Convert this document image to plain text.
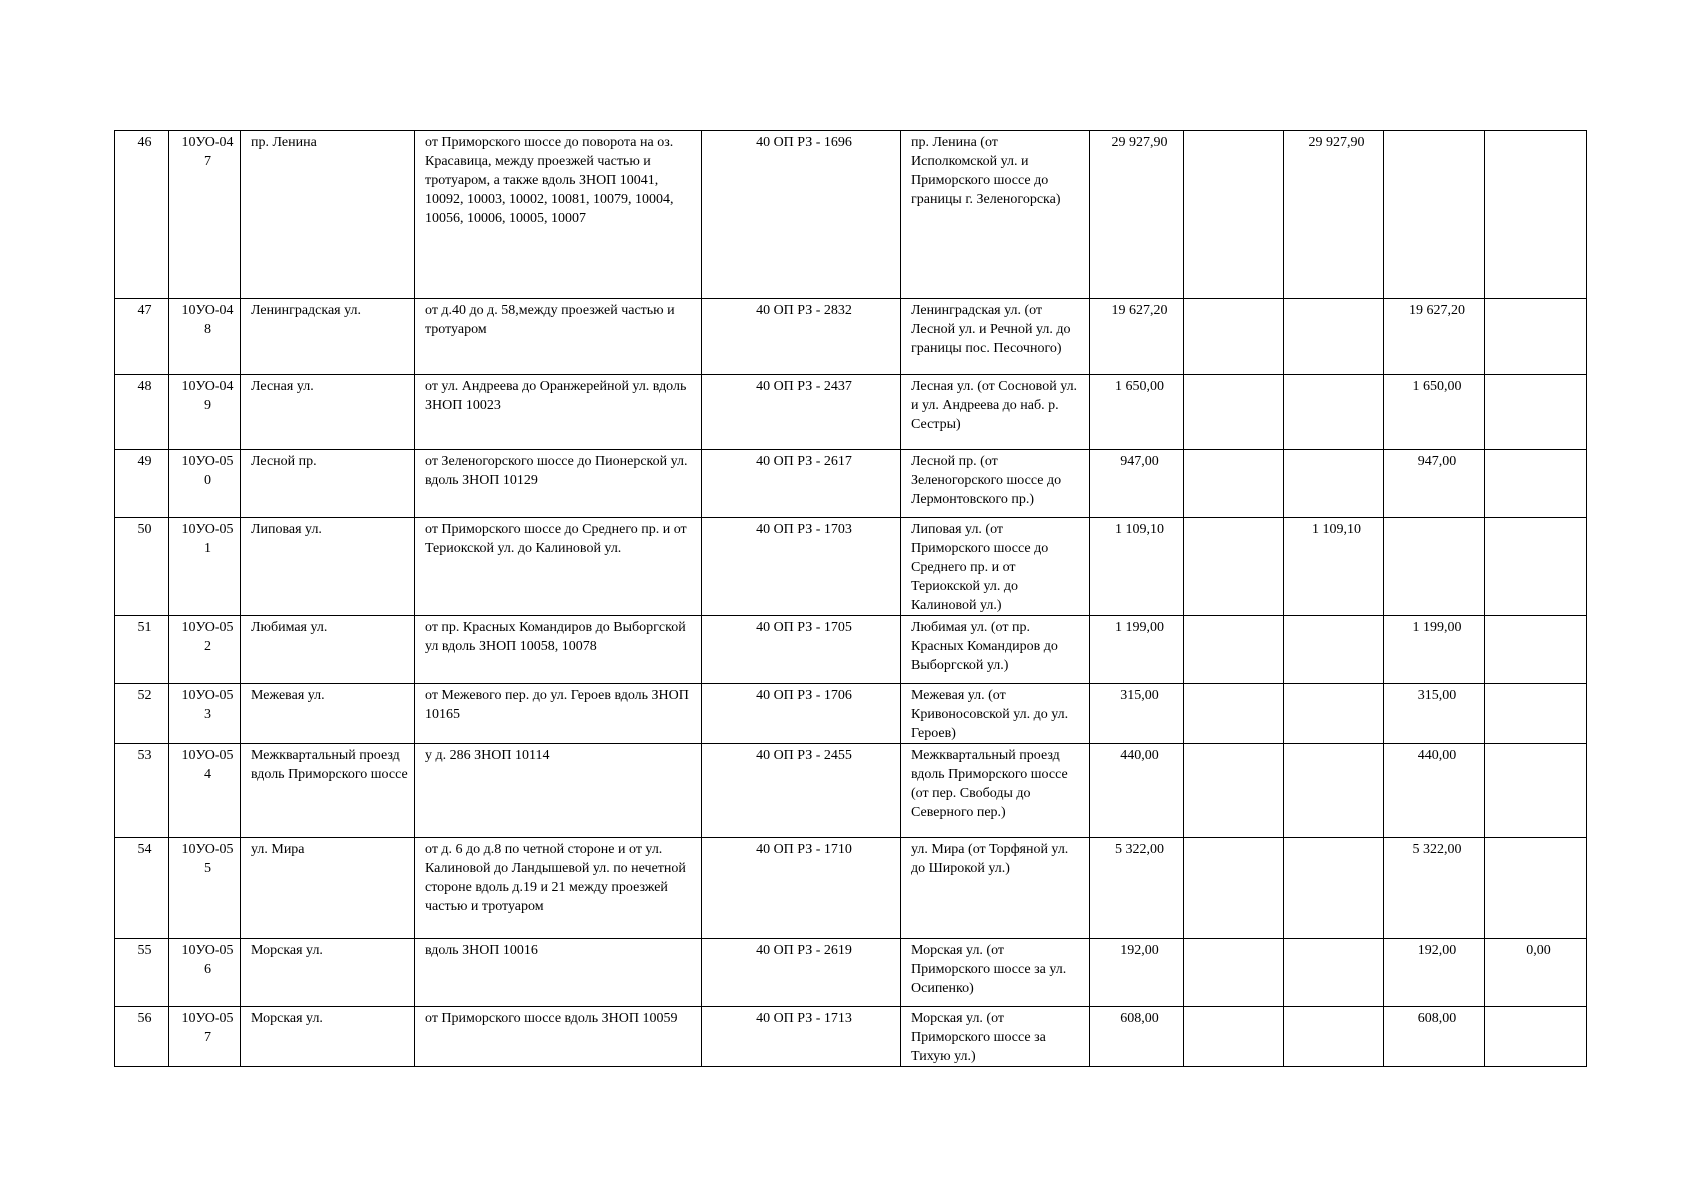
46	10УО-047	пр. Ленина	от Приморского шоссе до поворота на оз. Красавица, между проезжей частью и тротуаром, а также вдоль ЗНОП 10041, 10092, 10003, 10002, 10081, 10079, 10004, 10056, 10006, 10005, 10007	40 ОП РЗ - 1696	пр. Ленина (от Исполкомской ул. и Приморского шоссе до границы г. Зеленогорска)	29 927,90		29 927,90		
47	10УО-048	Ленинградская ул.	от д.40 до д. 58,между проезжей частью и тротуаром	40 ОП РЗ - 2832	Ленинградская ул. (от Лесной ул. и Речной ул. до границы пос. Песочного)	19 627,20			19 627,20	
48	10УО-049	Лесная ул.	от ул. Андреева до Оранжерейной ул. вдоль ЗНОП 10023	40 ОП РЗ - 2437	Лесная ул. (от Сосновой ул. и ул. Андреева до наб. р. Сестры)	1 650,00			1 650,00	
49	10УО-050	Лесной пр.	от Зеленогорского шоссе до Пионерской ул. вдоль ЗНОП 10129	40 ОП РЗ - 2617	Лесной пр. (от Зеленогорского шоссе до Лермонтовского пр.)	947,00			947,00	
50	10УО-051	Липовая ул.	от Приморского шоссе до Среднего пр. и от Териокской ул. до Калиновой ул.	40 ОП РЗ - 1703	Липовая ул. (от Приморского шоссе до Среднего пр. и от Териокской ул. до Калиновой ул.)	1 109,10		1 109,10		
51	10УО-052	Любимая ул.	от пр. Красных Командиров до Выборгской ул вдоль ЗНОП 10058, 10078	40 ОП РЗ - 1705	Любимая ул. (от пр. Красных Командиров до Выборгской ул.)	1 199,00			1 199,00	
52	10УО-053	Межевая ул.	от Межевого пер. до ул. Героев вдоль ЗНОП 10165	40 ОП РЗ - 1706	Межевая ул. (от Кривоносовской ул. до ул. Героев)	315,00			315,00	
53	10УО-054	Межквартальный проезд вдоль Приморского шоссе	у д. 286 ЗНОП 10114	40 ОП РЗ - 2455	Межквартальный проезд вдоль Приморского шоссе (от пер. Свободы до Северного пер.)	440,00			440,00	
54	10УО-055	ул. Мира	от д. 6 до д.8 по четной стороне и от ул. Калиновой до Ландышевой ул. по нечетной стороне вдоль д.19 и 21 между проезжей частью и тротуаром	40 ОП РЗ - 1710	ул. Мира (от Торфяной ул. до Широкой ул.)	5 322,00			5 322,00	
55	10УО-056	Морская ул.	вдоль ЗНОП 10016	40 ОП РЗ - 2619	Морская ул. (от Приморского шоссе за ул. Осипенко)	192,00			192,00	0,00
56	10УО-057	Морская ул.	от Приморского шоссе вдоль ЗНОП 10059	40 ОП РЗ - 1713	Морская ул. (от Приморского шоссе за Тихую ул.)	608,00			608,00	
